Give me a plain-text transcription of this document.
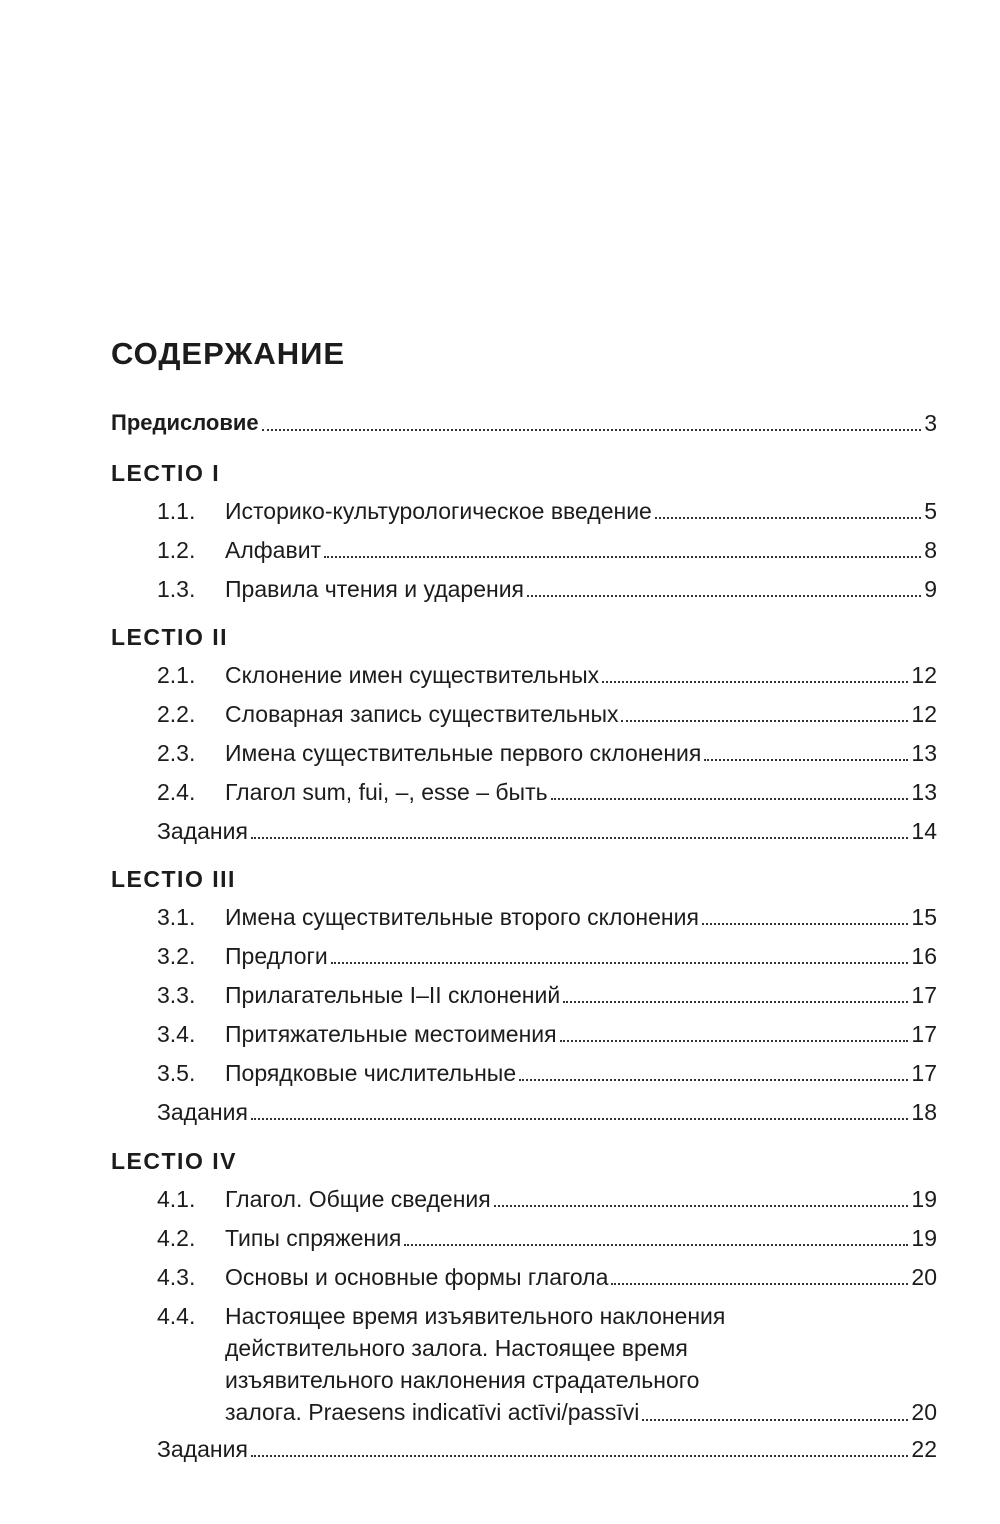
СОДЕРЖАНИЕ
Предисловие	3
LECTIO I
1.1.	Историко-культурологическое введение	5
1.2.	Алфавит	8
1.3.	Правила чтения и ударения	9
LECTIO II
2.1.	Склонение имен существительных	12
2.2.	Словарная запись существительных	12
2.3.	Имена существительные первого склонения	13
2.4.	Глагол sum, fui, –, esse – быть	13
Задания	14
LECTIO III
3.1.	Имена существительные второго склонения	15
3.2.	Предлоги	16
3.3.	Прилагательные I–II склонений	17
3.4.	Притяжательные местоимения	17
3.5.	Порядковые числительные	17
Задания	18
LECTIO IV
4.1.	Глагол. Общие сведения	19
4.2.	Типы спряжения	19
4.3.	Основы и основные формы глагола	20
4.4. Настоящее время изъявительного наклонения
действительного залога. Настоящее время
изъявительного наклонения страдательного
залога. Praesens indicatīvi actīvi/passīvi	20
Задания	22
